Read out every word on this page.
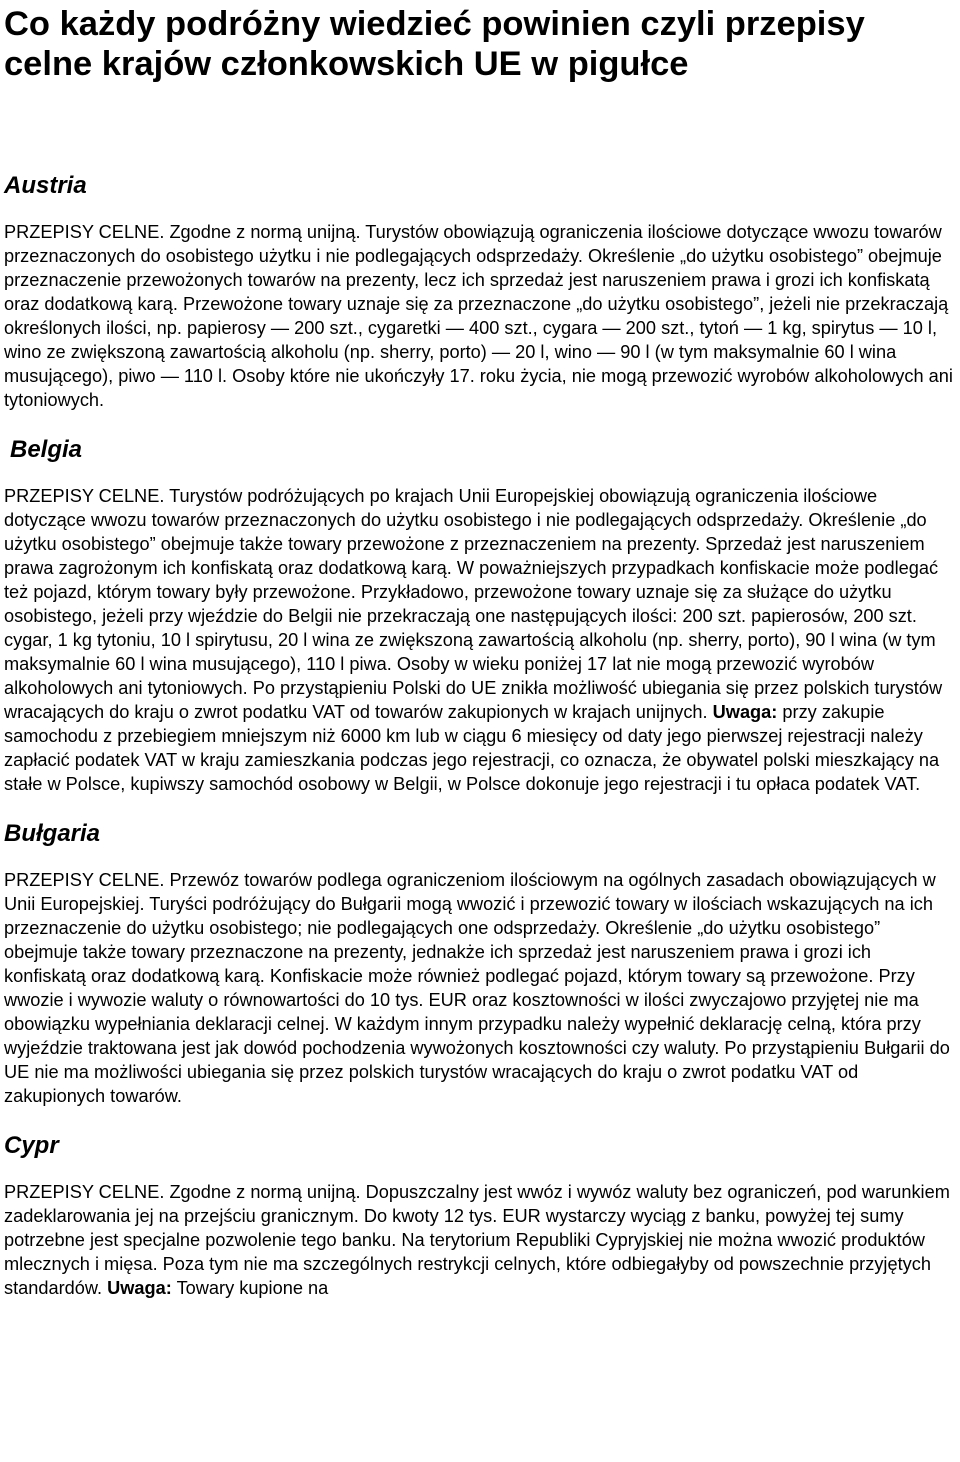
Co każdy podróżny wiedzieć powinien czyli przepisy celne krajów członkowskich UE w pigułce
Austria

PRZEPISY CELNE. Zgodne z normą unijną. Turystów obowiązują ograniczenia ilościowe dotyczące wwozu towarów przeznaczonych do osobistego użytku i nie podlegających odsprzedaży. Określenie „do użytku osobistego” obejmuje przeznaczenie przewożonych towarów na prezenty, lecz ich sprzedaż jest naruszeniem prawa i grozi ich konfiskatą oraz dodatkową karą. Przewożone towary uznaje się za przeznaczone „do użytku osobistego”, jeżeli nie przekraczają określonych ilości, np. papierosy — 200 szt., cygaretki — 400 szt., cygara — 200 szt., tytoń — 1 kg, spirytus — 10 l, wino ze zwiększoną zawartością alkoholu (np. sherry, porto) — 20 l, wino — 90 l (w tym maksymalnie 60 l wina musującego), piwo — 110 l. Osoby które nie ukończyły 17. roku życia, nie mogą przewozić wyrobów alkoholowych ani tytoniowych.

Belgia

PRZEPISY CELNE. Turystów podróżujących po krajach Unii Europejskiej obowiązują ograniczenia ilościowe dotyczące wwozu towarów przeznaczonych do użytku osobistego i nie podlegających odsprzedaży. Określenie „do użytku osobistego” obejmuje także towary przewożone z przeznaczeniem na prezenty. Sprzedaż jest naruszeniem prawa zagrożonym ich konfiskatą oraz dodatkową karą. W poważniejszych przypadkach konfiskacie może podlegać też pojazd, którym towary były przewożone. Przykładowo, przewożone towary uznaje się za służące do użytku osobistego, jeżeli przy wjeździe do Belgii nie przekraczają one następujących ilości: 200 szt. papierosów, 200 szt. cygar, 1 kg tytoniu, 10 l spirytusu, 20 l wina ze zwiększoną zawartością alkoholu (np. sherry, porto), 90 l wina (w tym maksymalnie 60 l wina musującego), 110 l piwa. Osoby w wieku poniżej 17 lat nie mogą przewozić wyrobów alkoholowych ani tytoniowych. Po przystąpieniu Polski do UE znikła możliwość ubiegania się przez polskich turystów wracających do kraju o zwrot podatku VAT od towarów zakupionych w krajach unijnych. Uwaga: przy zakupie samochodu z przebiegiem mniejszym niż 6000 km lub w ciągu 6 miesięcy od daty jego pierwszej rejestracji należy zapłacić podatek VAT w kraju zamieszkania podczas jego rejestracji, co oznacza, że obywatel polski mieszkający na stałe w Polsce, kupiwszy samochód osobowy w Belgii, w Polsce dokonuje jego rejestracji i tu opłaca podatek VAT.

Bułgaria

PRZEPISY CELNE. Przewóz towarów podlega ograniczeniom ilościowym na ogólnych zasadach obowiązujących w Unii Europejskiej. Turyści podróżujący do Bułgarii mogą wwozić i przewozić towary w ilościach wskazujących na ich przeznaczenie do użytku osobistego; nie podlegających one odsprzedaży. Określenie „do użytku osobistego” obejmuje także towary przeznaczone na prezenty, jednakże ich sprzedaż jest naruszeniem prawa i grozi ich konfiskatą oraz dodatkową karą. Konfiskacie może również podlegać pojazd, którym towary są przewożone. Przy wwozie i wywozie waluty o równowartości do 10 tys. EUR oraz kosztowności w ilości zwyczajowo przyjętej nie ma obowiązku wypełniania deklaracji celnej. W każdym innym przypadku należy wypełnić deklarację celną, która przy wyjeździe traktowana jest jak dowód pochodzenia wywożonych kosztowności czy waluty. Po przystąpieniu Bułgarii do UE nie ma możliwości ubiegania się przez polskich turystów wracających do kraju o zwrot podatku VAT od zakupionych towarów.

Cypr

PRZEPISY CELNE. Zgodne z normą unijną. Dopuszczalny jest wwóz i wywóz waluty bez ograniczeń, pod warunkiem zadeklarowania jej na przejściu granicznym. Do kwoty 12 tys. EUR wystarczy wyciąg z banku, powyżej tej sumy potrzebne jest specjalne pozwolenie tego banku. Na terytorium Republiki Cypryjskiej nie można wwozić produktów mlecznych i mięsa. Poza tym nie ma szczególnych restrykcji celnych, które odbiegałyby od powszechnie przyjętych standardów. Uwaga: Towary kupione na
